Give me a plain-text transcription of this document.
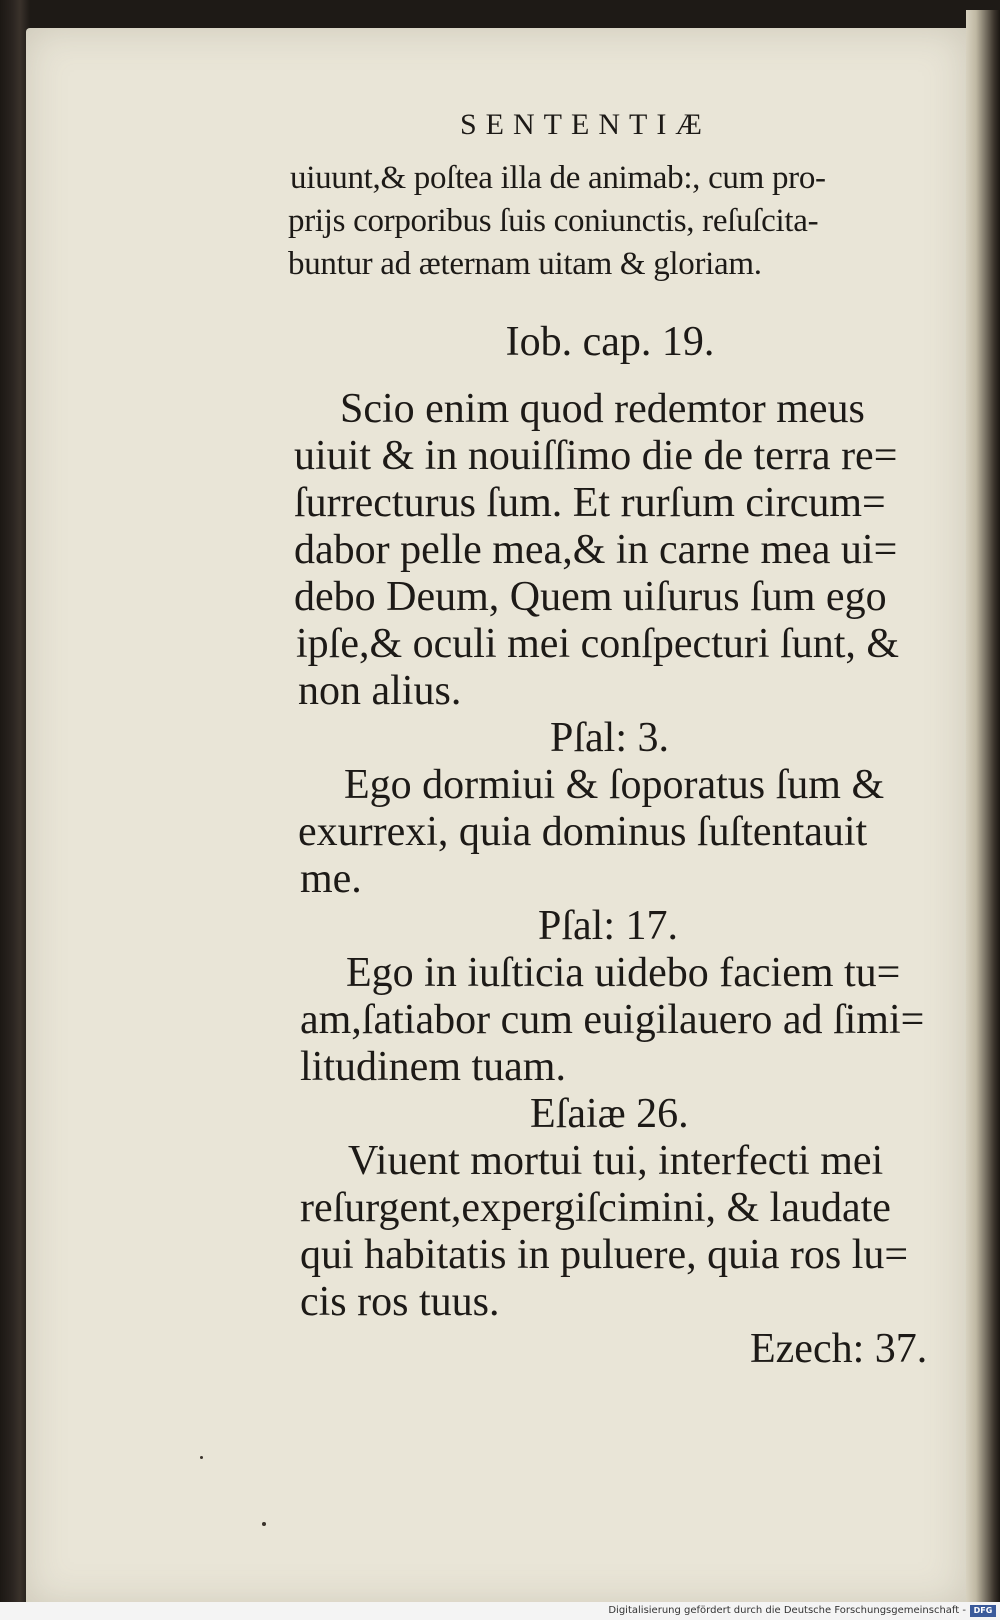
SENTENTIÆ
uiuunt,& poſtea illa de animab:, cum pro-
prijs corporibus ſuis coniunctis, reſuſcita-
buntur ad æternam uitam & gloriam.
Iob. cap. 19.
Scio enim quod redemtor meus
uiuit & in nouiſſimo die de terra re=
ſurrecturus ſum. Et rurſum circum=
dabor pelle mea,& in carne mea ui=
debo Deum, Quem uiſurus ſum ego
ipſe,& oculi mei conſpecturi ſunt, &
non alius.
Pſal: 3.
Ego dormiui & ſoporatus ſum &
exurrexi, quia dominus ſuſtentauit
me.
Pſal: 17.
Ego in iuſticia uidebo faciem tu=
am,ſatiabor cum euigilauero ad ſimi=
litudinem tuam.
Eſaiæ 26.
Viuent mortui tui, interfecti mei
reſurgent,expergiſcimini, & laudate
qui habitatis in puluere, quia ros lu=
cis ros tuus.
Ezech: 37.
Digitalisierung gefördert durch die Deutsche Forschungsgemeinschaft - DFG
